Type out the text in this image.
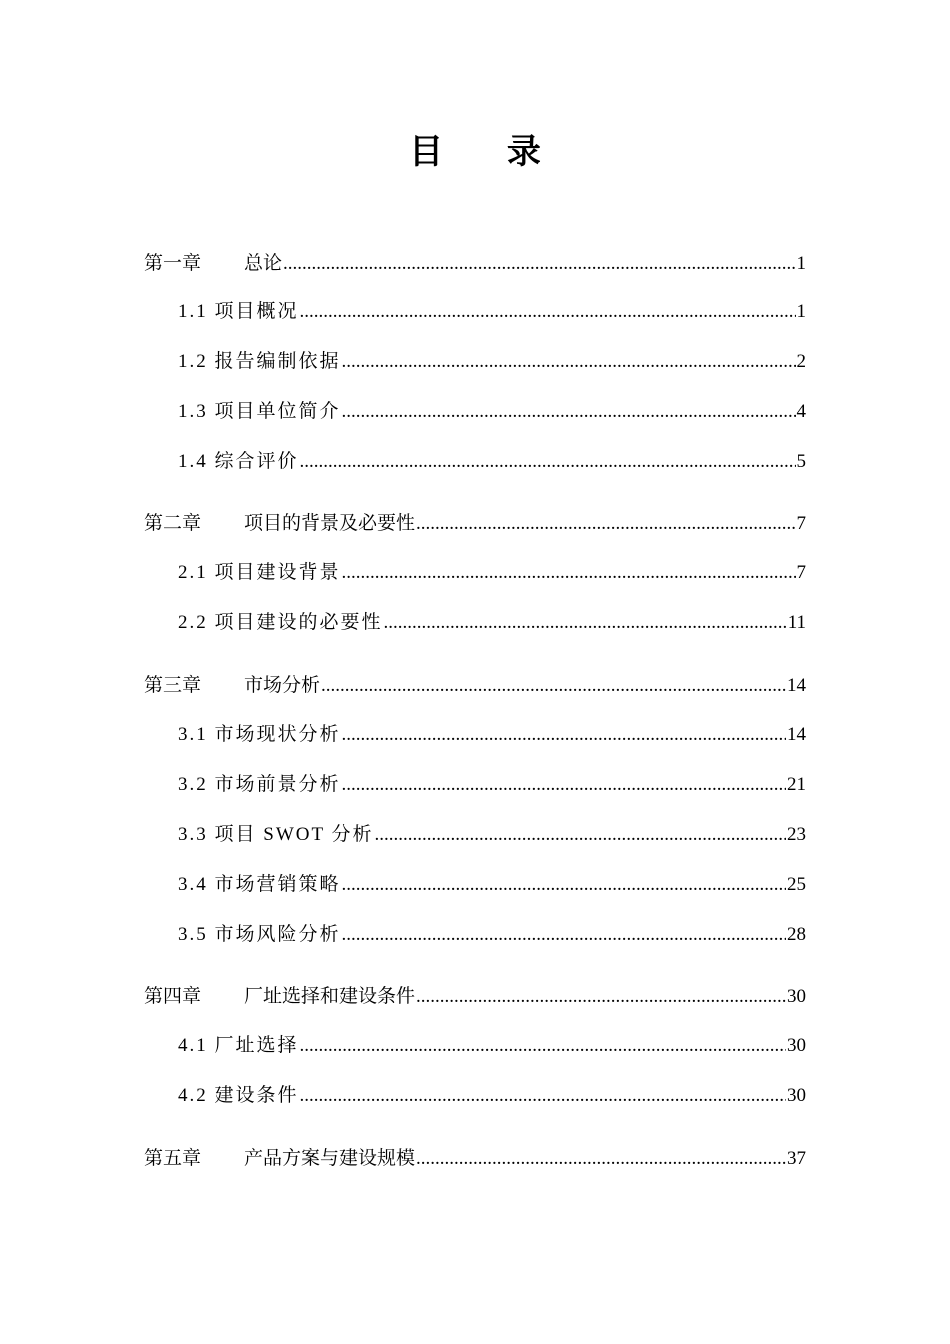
目 录
第一章	总论 .....	1
1.1 项目概况 .....	1
1.2 报告编制依据 .....	2
1.3 项目单位简介 .....	4
1.4 综合评价 .....	5
第二章	项目的背景及必要性 .....	7
2.1 项目建设背景 .....	7
2.2 项目建设的必要性 .....	11
第三章	市场分析 .....	14
3.1 市场现状分析 .....	14
3.2 市场前景分析 .....	21
3.3 项目 SWOT 分析 .....	23
3.4 市场营销策略 .....	25
3.5 市场风险分析 .....	28
第四章	厂址选择和建设条件 .....	30
4.1 厂址选择 .....	30
4.2 建设条件 .....	30
第五章	产品方案与建设规模 .....	37
